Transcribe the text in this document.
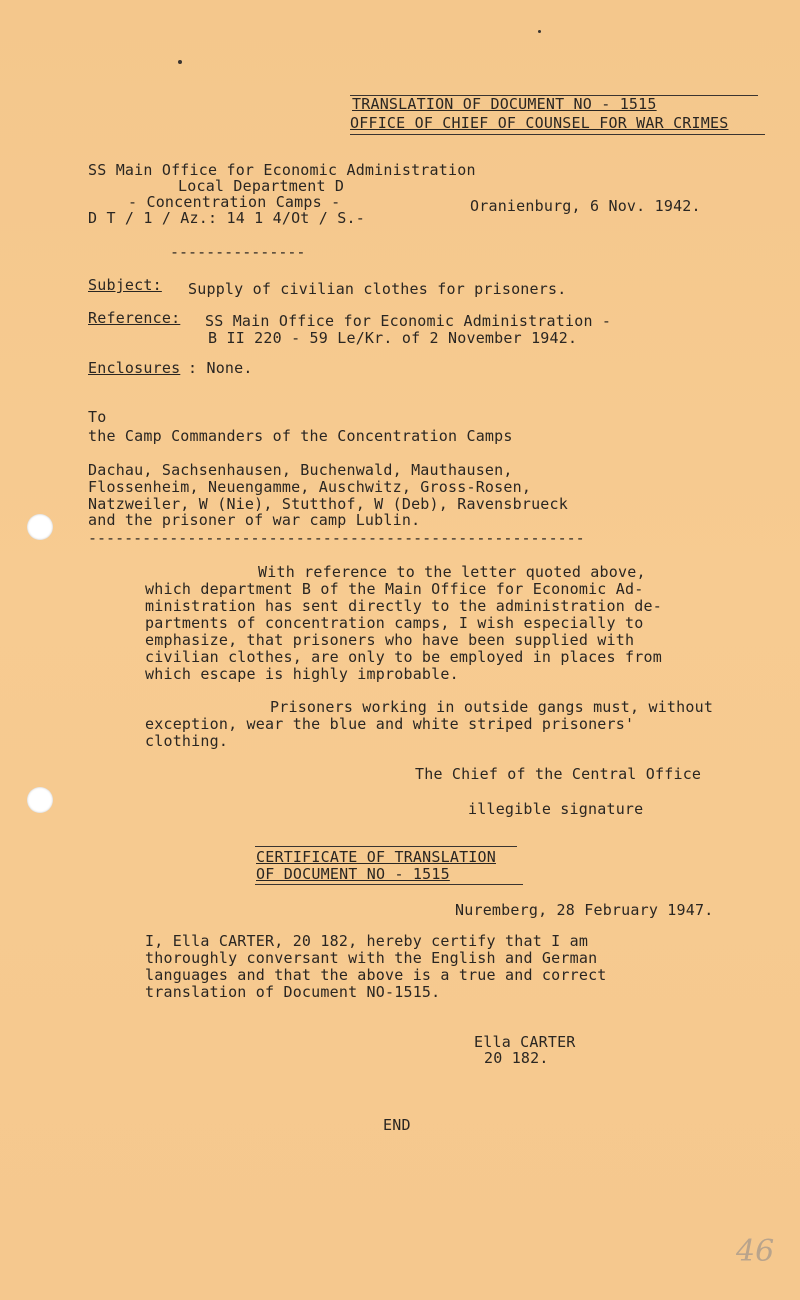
TRANSLATION OF DOCUMENT NO - 1515
OFFICE OF CHIEF OF COUNSEL FOR WAR CRIMES
SS Main Office for Economic Administration
Local Department D
- Concentration Camps -
D T / 1 / Az.: 14 1 4/Ot / S.-
Oranienburg, 6 Nov. 1942.
---------------
Subject: Supply of civilian clothes for prisoners.
Reference: SS Main Office for Economic Administration -
B II 220 - 59 Le/Kr. of 2 November 1942.
Enclosures : None.
To
the Camp Commanders of the Concentration Camps
Dachau, Sachsenhausen, Buchenwald, Mauthausen,
Flossenheim, Neuengamme, Auschwitz, Gross-Rosen,
Natzweiler, W (Nie), Stutthof, W (Deb), Ravensbrueck
and the prisoner of war camp Lublin.
-------------------------------------------------------
With reference to the letter quoted above,
which department B of the Main Office for Economic Ad-
ministration has sent directly to the administration de-
partments of concentration camps, I wish especially to
emphasize, that prisoners who have been supplied with
civilian clothes, are only to be employed in places from
which escape is highly improbable.
Prisoners working in outside gangs must, without
exception, wear the blue and white striped prisoners'
clothing.
The Chief of the Central Office
illegible signature
CERTIFICATE OF TRANSLATION
OF DOCUMENT NO - 1515
Nuremberg, 28 February 1947.
I, Ella CARTER, 20 182, hereby certify that I am
thoroughly conversant with the English and German
languages and that the above is a true and correct
translation of Document NO-1515.
Ella CARTER
20 182.
END
46
